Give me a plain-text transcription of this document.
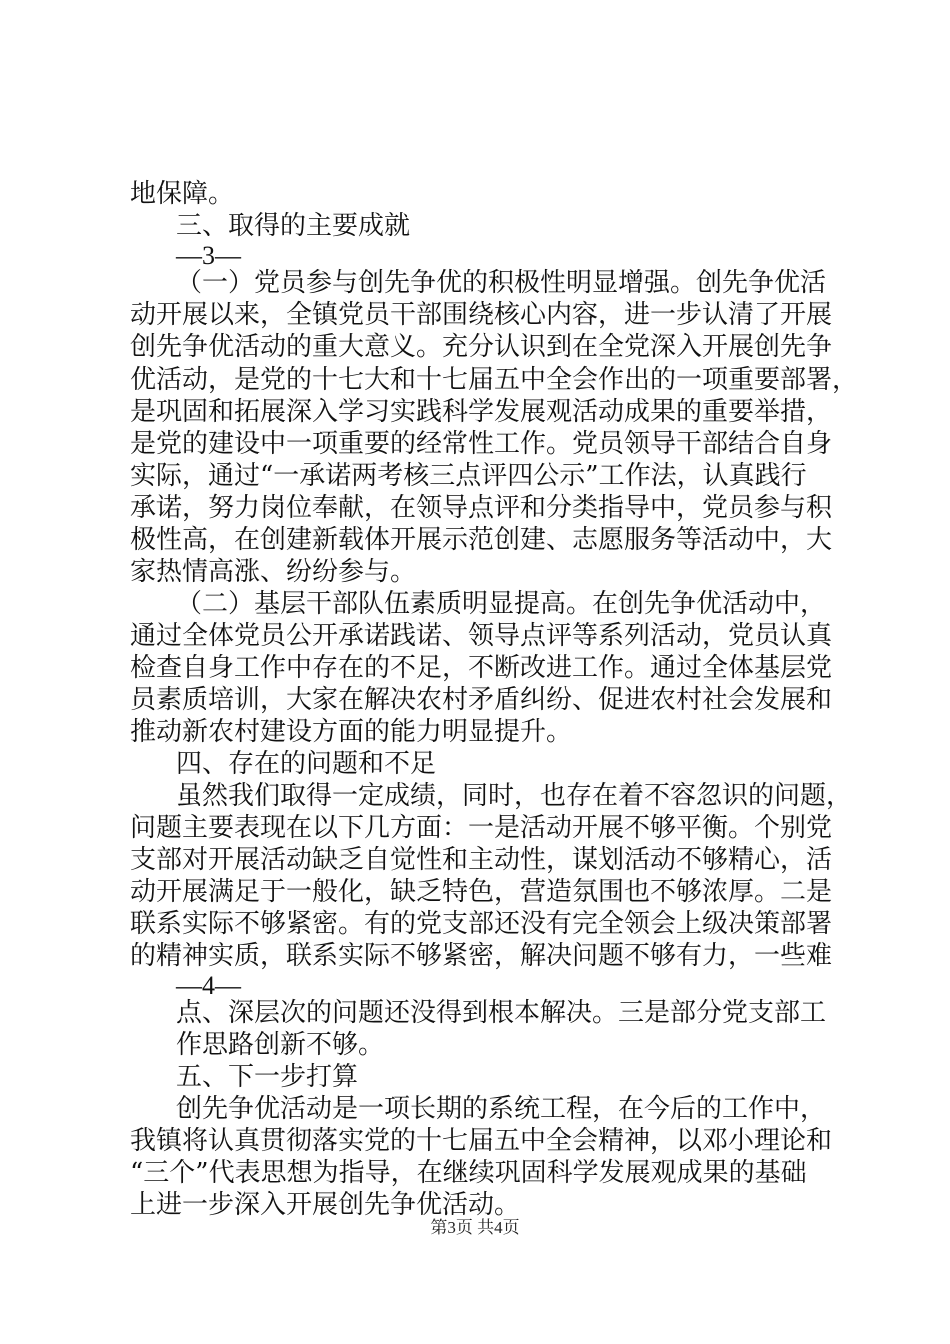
地保障。
三、取得的主要成就
—3—
（一）党员参与创先争优的积极性明显增强。创先争优活
动开展以来，全镇党员干部围绕核心内容，进一步认清了开展
创先争优活动的重大意义。充分认识到在全党深入开展创先争
优活动，是党的十七大和十七届五中全会作出的一项重要部署，
是巩固和拓展深入学习实践科学发展观活动成果的重要举措，
是党的建设中一项重要的经常性工作。党员领导干部结合自身
实际，通过“一承诺两考核三点评四公示”工作法，认真践行
承诺，努力岗位奉献，在领导点评和分类指导中，党员参与积
极性高，在创建新载体开展示范创建、志愿服务等活动中，大
家热情高涨、纷纷参与。
（二）基层干部队伍素质明显提高。在创先争优活动中，
通过全体党员公开承诺践诺、领导点评等系列活动，党员认真
检查自身工作中存在的不足，不断改进工作。通过全体基层党
员素质培训，大家在解决农村矛盾纠纷、促进农村社会发展和
推动新农村建设方面的能力明显提升。
四、存在的问题和不足
虽然我们取得一定成绩，同时，也存在着不容忽识的问题，
问题主要表现在以下几方面：一是活动开展不够平衡。个别党
支部对开展活动缺乏自觉性和主动性，谋划活动不够精心，活
动开展满足于一般化，缺乏特色，营造氛围也不够浓厚。二是
联系实际不够紧密。有的党支部还没有完全领会上级决策部署
的精神实质，联系实际不够紧密，解决问题不够有力，一些难
—4—
点、深层次的问题还没得到根本解决。三是部分党支部工
作思路创新不够。
五、下一步打算
创先争优活动是一项长期的系统工程，在今后的工作中，
我镇将认真贯彻落实党的十七届五中全会精神，以邓小理论和
“三个”代表思想为指导，在继续巩固科学发展观成果的基础
上进一步深入开展创先争优活动。
第3页 共4页
